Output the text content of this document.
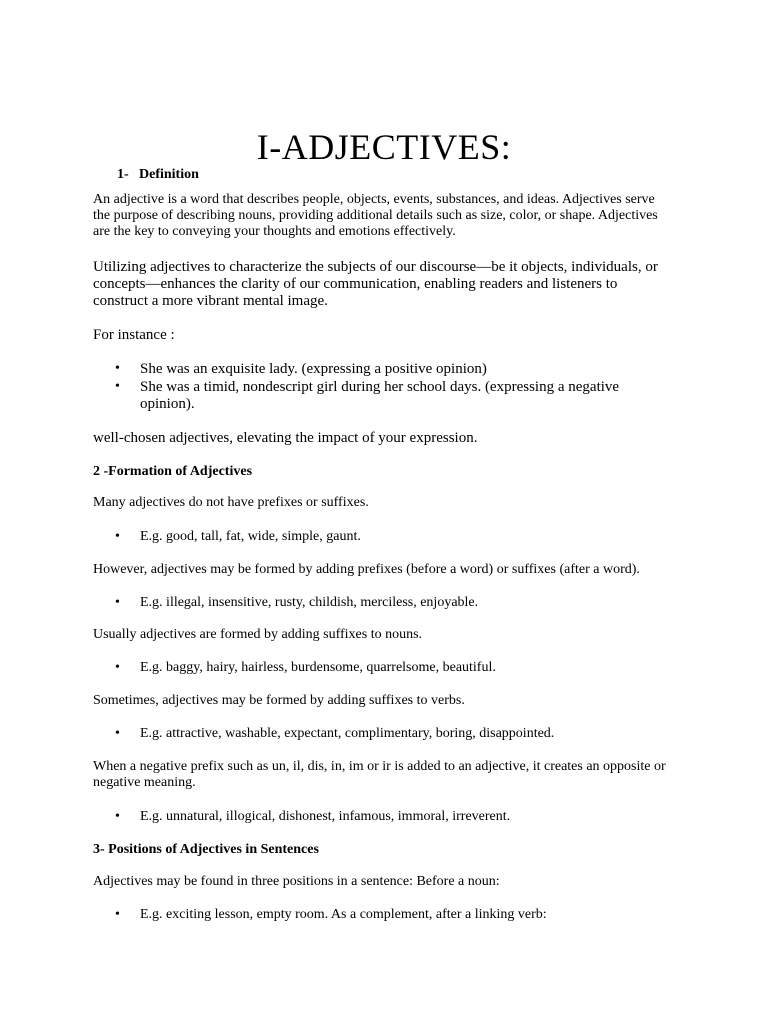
I-ADJECTIVES:
1- Definition
An adjective is a word that describes people, objects, events, substances, and ideas. Adjectives serve the purpose of describing nouns, providing additional details such as size, color, or shape. Adjectives are the key to conveying your thoughts and emotions effectively.
Utilizing adjectives to characterize the subjects of our discourse—be it objects, individuals, or concepts—enhances the clarity of our communication, enabling readers and listeners to construct a more vibrant mental image.
For instance :
•	She was an exquisite lady. (expressing a positive opinion)
•	She was a timid, nondescript girl during her school days. (expressing a negative opinion).
well-chosen adjectives, elevating the impact of your expression.
2 -Formation of Adjectives
Many adjectives do not have prefixes or suffixes.
•	E.g. good, tall, fat, wide, simple, gaunt.
However, adjectives may be formed by adding prefixes (before a word) or suffixes (after a word).
•	E.g. illegal, insensitive, rusty, childish, merciless, enjoyable.
Usually adjectives are formed by adding suffixes to nouns.
•	E.g. baggy, hairy, hairless, burdensome, quarrelsome, beautiful.
Sometimes, adjectives may be formed by adding suffixes to verbs.
•	E.g. attractive, washable, expectant, complimentary, boring, disappointed.
When a negative prefix such as un, il, dis, in, im or ir is added to an adjective, it creates an opposite or negative meaning.
•	E.g. unnatural, illogical, dishonest, infamous, immoral, irreverent.
3- Positions of Adjectives in Sentences
Adjectives may be found in three positions in a sentence: Before a noun:
•	E.g. exciting lesson, empty room. As a complement, after a linking verb:
